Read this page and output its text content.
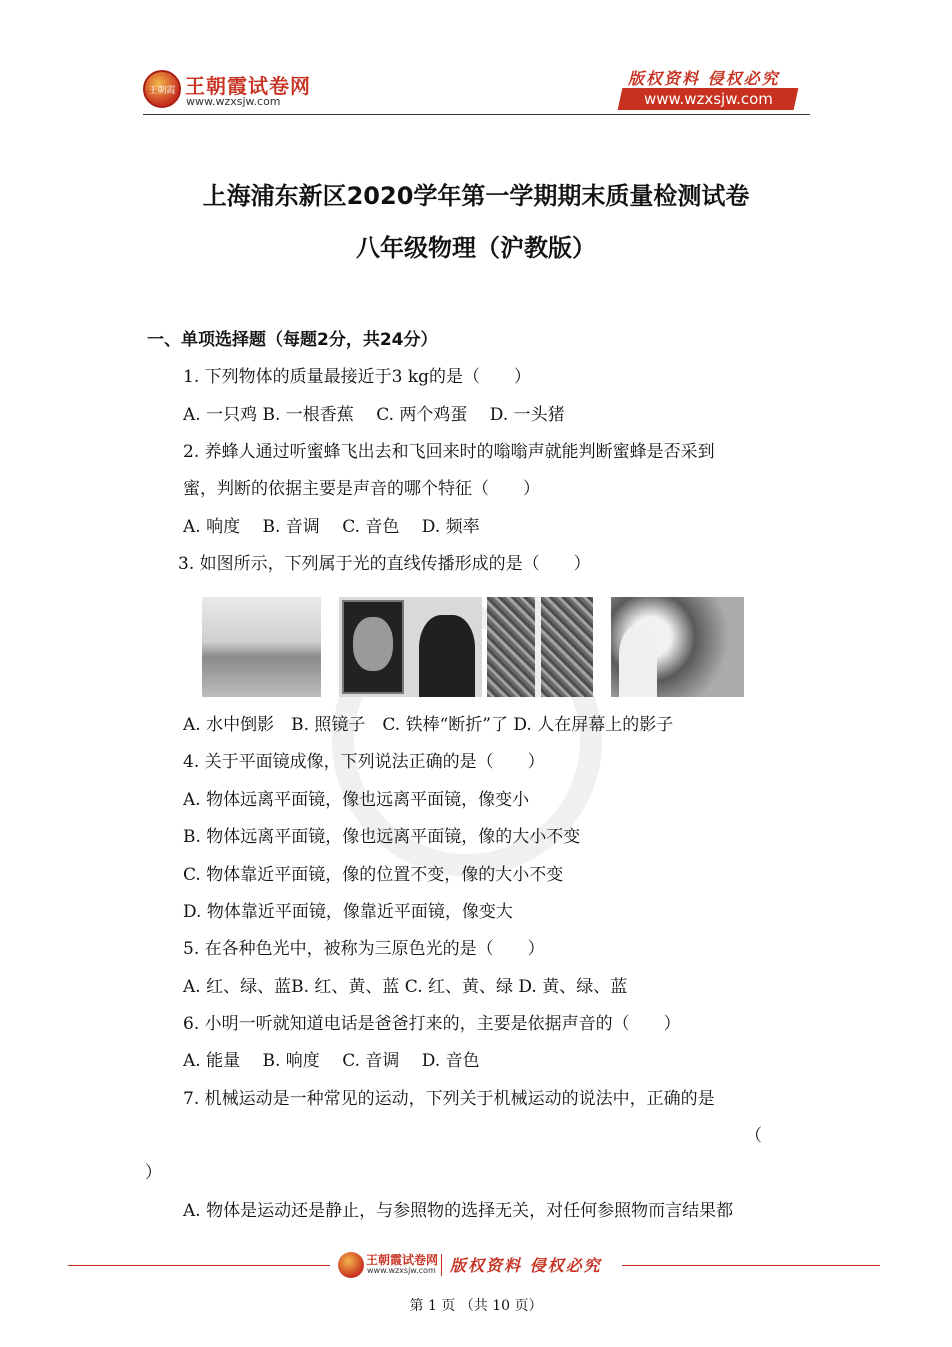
王朝霞 王朝霞试卷网
www.wzxsjw.com
版权资料 侵权必究
www.wzxsjw.com
上海浦东新区2020学年第一学期期末质量检测试卷
八年级物理（沪教版）
一、单项选择题（每题2分，共24分）
1. 下列物体的质量最接近于3 kg的是（　　）
A. 一只鸡 B. 一根香蕉　 C. 两个鸡蛋　 D. 一头猪
2. 养蜂人通过听蜜蜂飞出去和飞回来时的嗡嗡声就能判断蜜蜂是否采到
蜜，判断的依据主要是声音的哪个特征（　　）
A. 响度　 B. 音调　 C. 音色　 D. 频率
3. 如图所示，下列属于光的直线传播形成的是（　　）
A. 水中倒影　B. 照镜子　C. 铁棒“断折”了 D. 人在屏幕上的影子
4. 关于平面镜成像，下列说法正确的是（　　）
A. 物体远离平面镜，像也远离平面镜，像变小
B. 物体远离平面镜，像也远离平面镜，像的大小不变
C. 物体靠近平面镜，像的位置不变，像的大小不变
D. 物体靠近平面镜，像靠近平面镜，像变大
5. 在各种色光中，被称为三原色光的是（　　）
A. 红、绿、蓝B. 红、黄、蓝 C. 红、黄、绿 D. 黄、绿、蓝
6. 小明一听就知道电话是爸爸打来的，主要是依据声音的（　　）
A. 能量　 B. 响度　 C. 音调　 D. 音色
7. 机械运动是一种常见的运动，下列关于机械运动的说法中，正确的是
（
）
A. 物体是运动还是静止，与参照物的选择无关，对任何参照物而言结果都
王朝霞试卷网
www.wzxsjw.com 版权资料 侵权必究
第 1 页 （共 10 页）
